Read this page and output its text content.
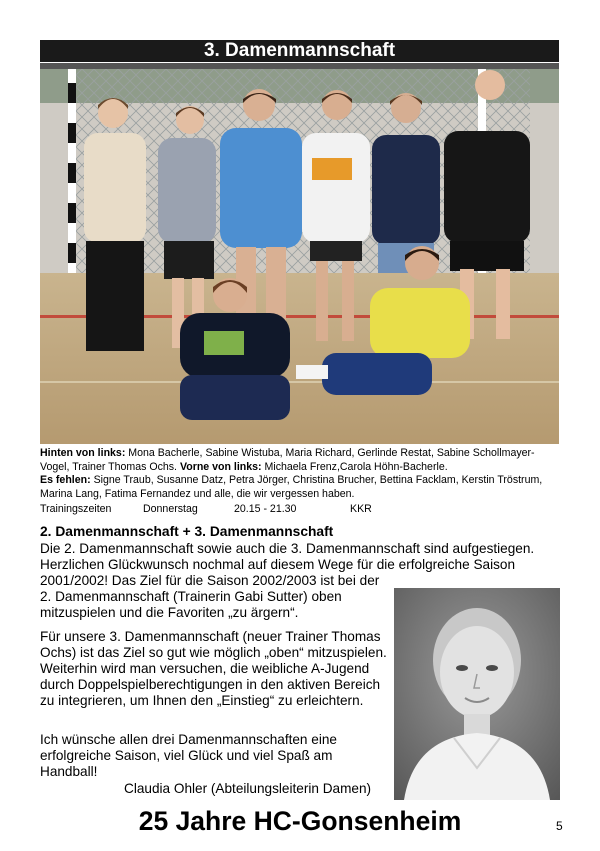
3. Damenmannschaft
Hinten von links: Mona Bacherle, Sabine Wistuba, Maria Richard, Gerlinde Restat, Sabine Schollmayer-Vogel, Trainer Thomas Ochs. Vorne von links: Michaela Frenz,Carola Höhn-Bacherle.
Es fehlen: Signe Traub, Susanne Datz, Petra Jörger, Christina Brucher, Bettina Facklam, Kerstin Tröstrum, Marina Lang, Fatima Fernandez und alle, die wir vergessen haben.
Trainingszeiten	Donnerstag	20.15 - 21.30	KKR
2. Damenmannschaft + 3. Damenmannschaft

Die 2. Damenmannschaft sowie auch die 3. Damenmannschaft sind aufgestiegen. Herzlichen Glückwunsch nochmal auf diesem Wege für die erfolgreiche Saison 2001/2002! Das Ziel für die Saison 2002/2003 ist bei der

2. Damenmannschaft (Trainerin Gabi Sutter) oben mitzuspielen und die Favoriten „zu ärgern“.

Für unsere 3. Damenmannschaft (neuer Trainer Thomas Ochs) ist das Ziel so gut wie möglich „oben“ mitzuspielen. Weiterhin wird man versuchen, die weibliche A-Jugend durch Doppelspielberechtigungen in den aktiven Bereich zu integrieren, um Ihnen den „Einstieg“ zu erleichtern.

Ich wünsche allen drei Damenmannschaften eine erfolgreiche Saison, viel Glück und viel Spaß am Handball!

Claudia Ohler (Abteilungsleiterin Damen)
25 Jahre HC-Gonsenheim	5
